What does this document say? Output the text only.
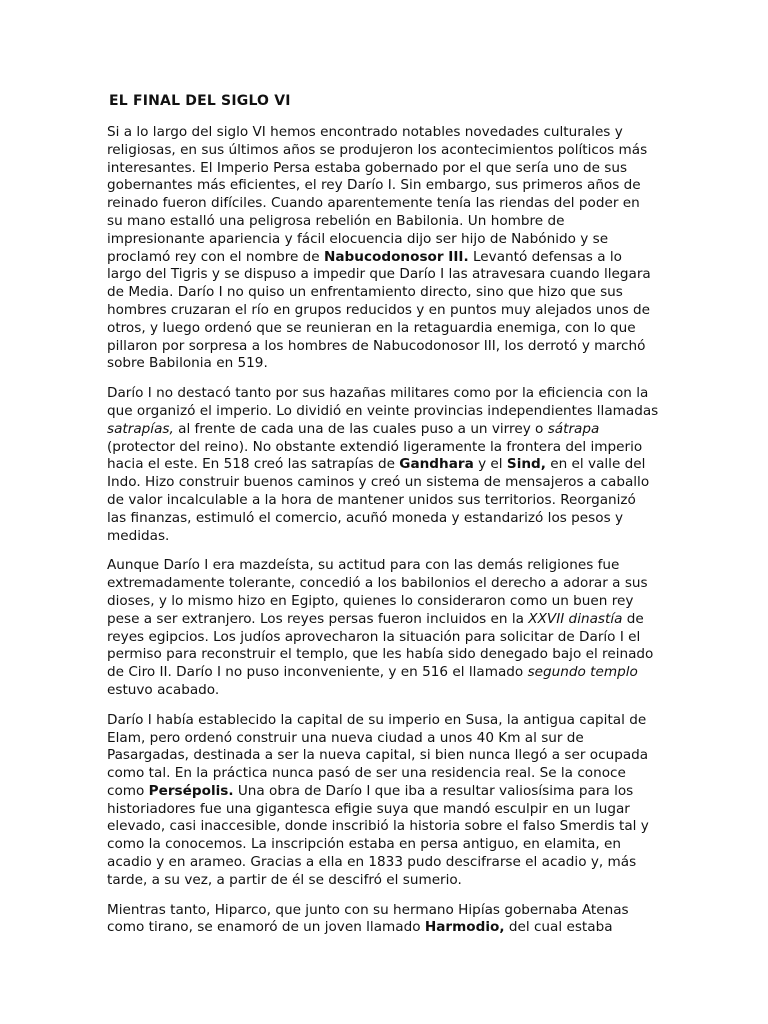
EL FINAL DEL SIGLO VI

Si a lo largo del siglo VI hemos encontrado notables novedades culturales y religiosas, en sus últimos años se produjeron los acontecimientos políticos más interesantes. El Imperio Persa estaba gobernado por el que sería uno de sus gobernantes más eficientes, el rey Darío I. Sin embargo, sus primeros años de reinado fueron difíciles. Cuando aparentemente tenía las riendas del poder en su mano estalló una peligrosa rebelión en Babilonia. Un hombre de impresionante apariencia y fácil elocuencia dijo ser hijo de Nabónido y se proclamó rey con el nombre de Nabucodonosor III. Levantó defensas a lo largo del Tigris y se dispuso a impedir que Darío I las atravesara cuando llegara de Media. Darío I no quiso un enfrentamiento directo, sino que hizo que sus hombres cruzaran el río en grupos reducidos y en puntos muy alejados unos de otros, y luego ordenó que se reunieran en la retaguardia enemiga, con lo que pillaron por sorpresa a los hombres de Nabucodonosor III, los derrotó y marchó sobre Babilonia en 519.

Darío I no destacó tanto por sus hazañas militares como por la eficiencia con la que organizó el imperio. Lo dividió en veinte provincias independientes llamadas satrapías, al frente de cada una de las cuales puso a un virrey o sátrapa (protector del reino). No obstante extendió ligeramente la frontera del imperio hacia el este. En 518 creó las satrapías de Gandhara y el Sind, en el valle del Indo. Hizo construir buenos caminos y creó un sistema de mensajeros a caballo de valor incalculable a la hora de mantener unidos sus territorios. Reorganizó las finanzas, estimuló el comercio, acuñó moneda y estandarizó los pesos y medidas.

Aunque Darío I era mazdeísta, su actitud para con las demás religiones fue extremadamente tolerante, concedió a los babilonios el derecho a adorar a sus dioses, y lo mismo hizo en Egipto, quienes lo consideraron como un buen rey pese a ser extranjero. Los reyes persas fueron incluidos en la XXVII dinastía de reyes egipcios. Los judíos aprovecharon la situación para solicitar de Darío I el permiso para reconstruir el templo, que les había sido denegado bajo el reinado de Ciro II. Darío I no puso inconveniente, y en 516 el llamado segundo templo estuvo acabado.

Darío I había establecido la capital de su imperio en Susa, la antigua capital de Elam, pero ordenó construir una nueva ciudad a unos 40 Km al sur de Pasargadas, destinada a ser la nueva capital, si bien nunca llegó a ser ocupada como tal. En la práctica nunca pasó de ser una residencia real. Se la conoce como Persépolis. Una obra de Darío I que iba a resultar valiosísima para los historiadores fue una gigantesca efigie suya que mandó esculpir en un lugar elevado, casi inaccesible, donde inscribió la historia sobre el falso Smerdis tal y como la conocemos. La inscripción estaba en persa antiguo, en elamita, en acadio y en arameo. Gracias a ella en 1833 pudo descifrarse el acadio y, más tarde, a su vez, a partir de él se descifró el sumerio.

Mientras tanto, Hiparco, que junto con su hermano Hipías gobernaba Atenas como tirano, se enamoró de un joven llamado Harmodio, del cual estaba
